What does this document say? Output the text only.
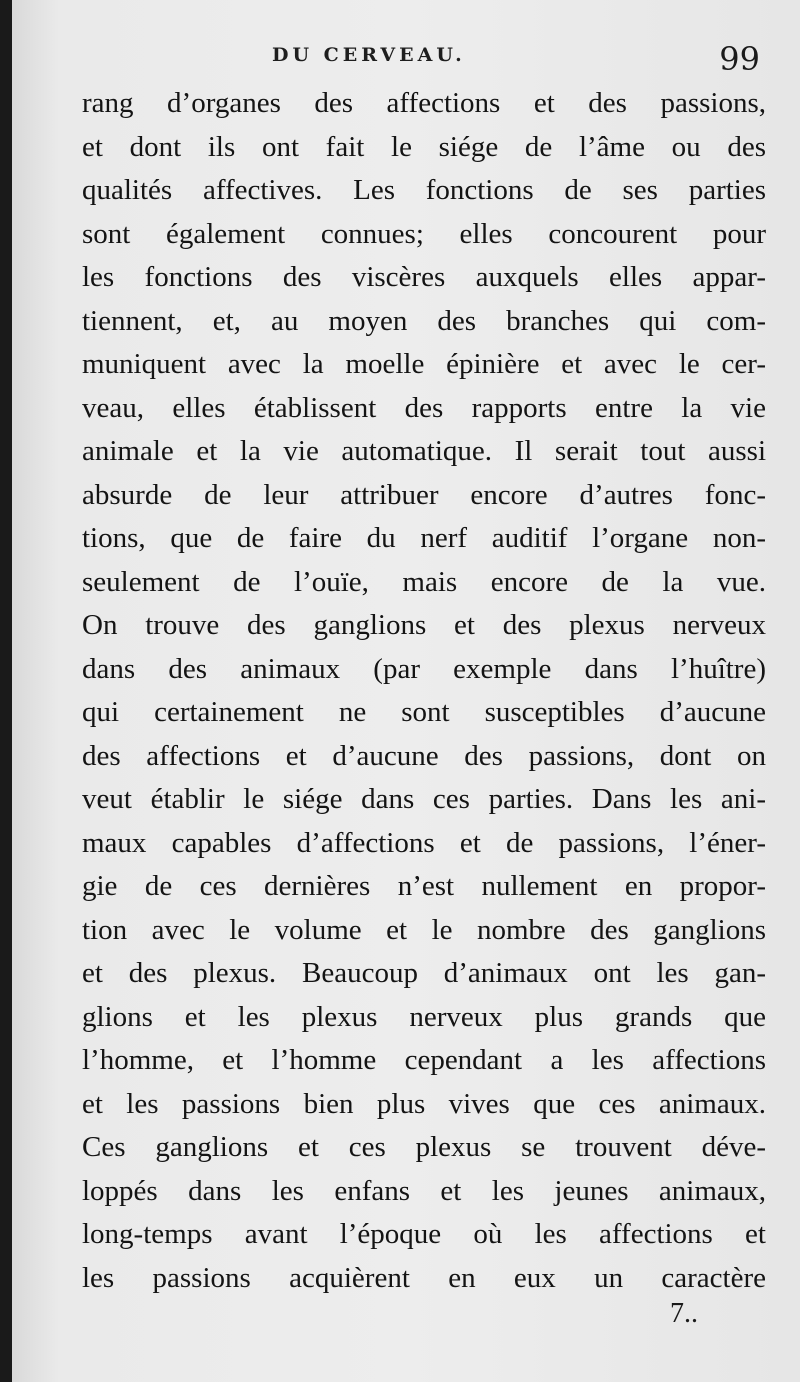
DU CERVEAU.	99
rang d’organes des affections et des passions,
et dont ils ont fait le siége de l’âme ou des
qualités affectives. Les fonctions de ses parties
sont également connues; elles concourent pour
les fonctions des viscères auxquels elles appar-
tiennent, et, au moyen des branches qui com-
muniquent avec la moelle épinière et avec le cer-
veau, elles établissent des rapports entre la vie
animale et la vie automatique. Il serait tout aussi
absurde de leur attribuer encore d’autres fonc-
tions, que de faire du nerf auditif l’organe non-
seulement de l’ouïe, mais encore de la vue.
On trouve des ganglions et des plexus nerveux
dans des animaux (par exemple dans l’huître)
qui certainement ne sont susceptibles d’aucune
des affections et d’aucune des passions, dont on
veut établir le siége dans ces parties. Dans les ani-
maux capables d’affections et de passions, l’éner-
gie de ces dernières n’est nullement en propor-
tion avec le volume et le nombre des ganglions
et des plexus. Beaucoup d’animaux ont les gan-
glions et les plexus nerveux plus grands que
l’homme, et l’homme cependant a les affections
et les passions bien plus vives que ces animaux.
Ces ganglions et ces plexus se trouvent déve-
loppés dans les enfans et les jeunes animaux,
long-temps avant l’époque où les affections et
les passions acquièrent en eux un caractère
7..
